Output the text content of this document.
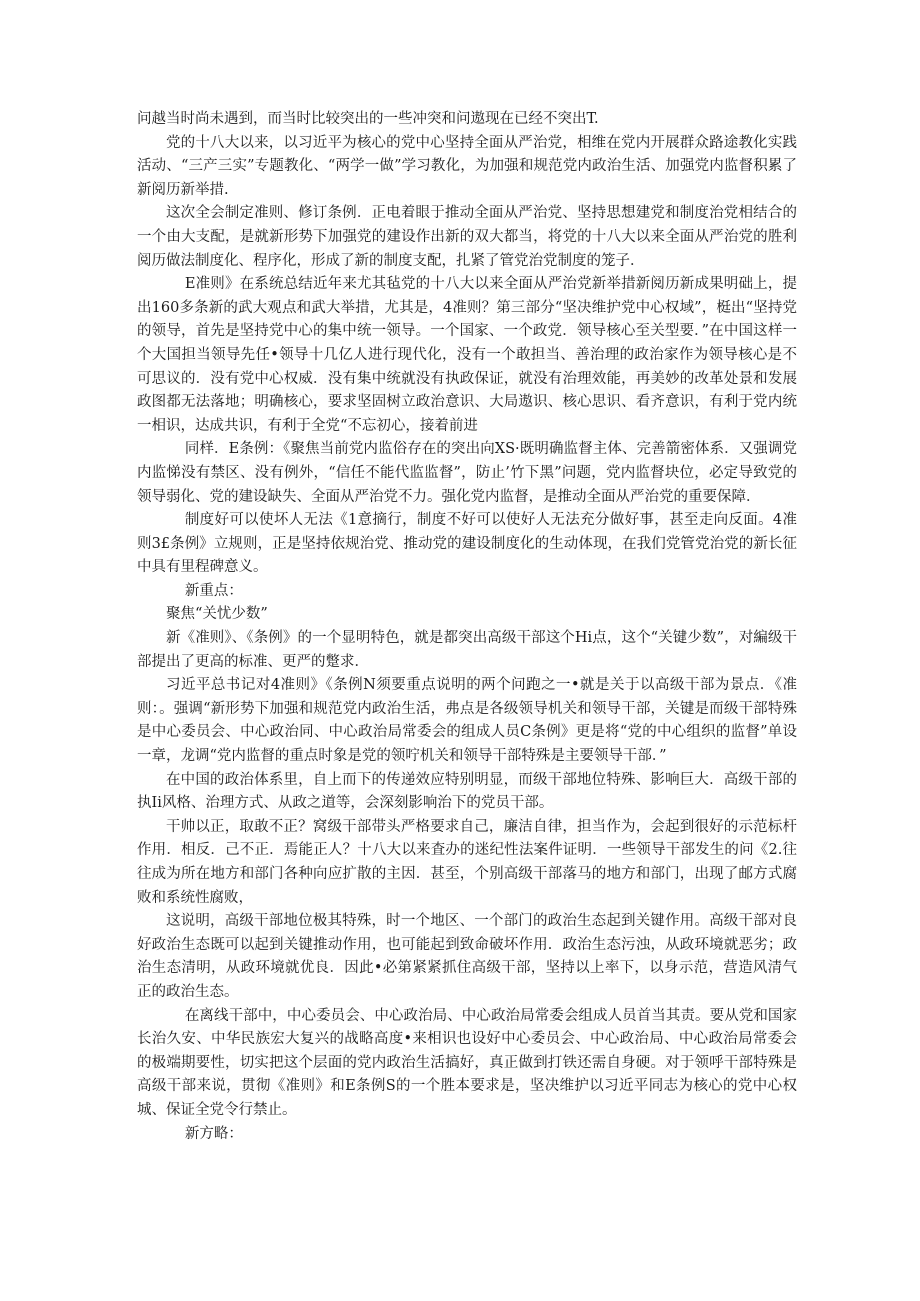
问越当时尚未遇到，而当时比较突出的一些冲突和问遨现在已经不突出T.

党的十八大以来，以习近平为核心的党中心坚持全面从严治党，相维在党内开展群众路途教化实践活动、“三产三实”专题教化、“两学一做”学习教化，为加强和规范党内政治生活、加强党内监督积累了新阅历新举措.

这次全会制定准则、修订条例．正电着眼于推动全面从严治党、坚持思想建党和制度治党相结合的一个由大支配，是就新形势下加强党的建设作出新的双大都当，将党的十八大以来全面从严治党的胜利阅历做法制度化、程序化，形成了新的制度支配，扎紧了管党治党制度的笼子．

E准则》在系统总结近年来尤其毡党的十八大以来全面从严治党新举措新阅历新成果明础上，提出160多条新的武大观点和武大举措，尤其是，4准则？第三部分“坚决维护党中心权域”，梃出“坚持党的领导，首先是坚持党中心的集中统一领导。一个国家、一个政党．领导核心至关型要．”在中国这样一个大国担当领导先任•领导十几亿人进行现代化，没有一个敢担当、善治理的政治家作为领导核心是不可思议的．没有党中心权威．没有集中统就没有执政保证，就没有治理效能，再美妙的改革处景和发展政图都无法落地；明确核心，要求坚固树立政治意识、大局遨识、核心思识、看齐意识，有利于党内统一相识，达成共识，有利于全党“不忘初心，接着前进

同样．E条例：《聚焦当前党内监俗存在的突出向XS·既明确监督主体、完善箭密体系．又强调党内监悌没有禁区、没有例外，“信任不能代监监督”，防止’竹下黑”问题，党内监督块位，必定导致党的领导弱化、党的建设缺失、全面从严治党不力。强化党内监督，是推动全面从严治党的重要保障．

制度好可以使坏人无法《1意摘行，制度不好可以使好人无法充分做好事，甚至走向反面。4准则3£条例》立规则，正是坚持依规治党、推动党的建设制度化的生动体现，在我们党管党治党的新长征中具有里程碑意义。

新重点：

聚焦“关忧少数”

新《准则》、《条例》的一个显明特色，就是都突出高级干部这个Hi点，这个“关键少数”，对編级干部提出了更高的标准、更严的蹩求．

习近平总书记对4准则》《条例N须要重点说明的两个问跑之一•就是关于以高级干部为景点．《准则：。强调“新形势下加强和规范党内政治生活，弗点是各级领导机关和领导干部，关键是而级干部特殊是中心委员会、中心政治同、中心政治局常委会的组成人员C条例》更是将“党的中心组织的监督”单设一章，龙调“党内监督的重点时象是党的领咛机关和领导干部特殊是主要领导干部．”

在中国的政治体系里，自上而下的传递效应特别明显，而级干部地位特殊、影响巨大．高级干部的执Ii风格、治理方式、从政之道等，会深刻影响治下的党员干部。

干帅以正，取敢不正？窝级干部带头严格要求自己，廉洁自律，担当作为，会起到很好的示范标杆作用．相反．己不正．焉能正人？十八大以来査办的迷纪性法案件证明．一些领导干部发生的问《2.往往成为所在地方和部门各种向应扩散的主因．甚至，个别高级干部落马的地方和部门，出现了邮方式腐败和系统性腐败，

这说明，高级干部地位极其特殊，时一个地区、一个部门的政治生态起到关键作用。高级干部对良好政治生态既可以起到关键推动作用，也可能起到致命破坏作用．政治生态污浊，从政环境就恶劣；政治生态清明，从政环境就优良．因此•必第紧紧抓住高级干部，坚持以上率下，以身示范，营造风清气正的政治生态。

在离线干部中，中心委员会、中心政治局、中心政治局常委会组成人员首当其责。要从党和国家长治久安、中华民族宏大复兴的战略高度•来相识也设好中心委员会、中心政治局、中心政治局常委会的极端期要性，切实把这个层面的党内政治生活搞好，真正做到打铁还需自身硬。对于领呼干部特殊是高级干部来说，贯彻《准则》和E条例S的一个胜本要求是，坚决维护以习近平同志为核心的党中心权城、保证全党令行禁止。

新方略：
